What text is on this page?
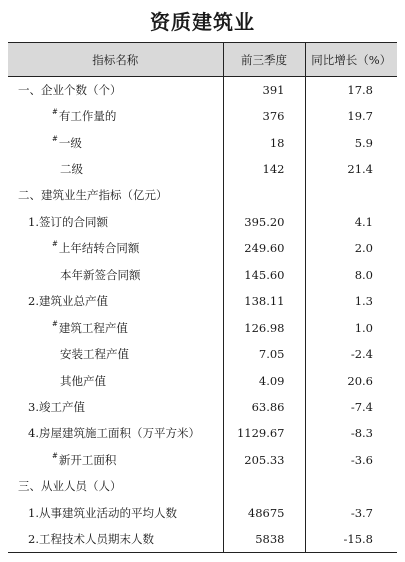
资质建筑业
指标名称	前三季度	同比增长（%）
一、企业个数（个）	391	17.8
#有工作量的	376	19.7
#一级	18	5.9
二级	142	21.4
二、建筑业生产指标（亿元）		
1.签订的合同额	395.20	4.1
#上年结转合同额	249.60	2.0
本年新签合同额	145.60	8.0
2.建筑业总产值	138.11	1.3
#建筑工程产值	126.98	1.0
安装工程产值	7.05	-2.4
其他产值	4.09	20.6
3.竣工产值	63.86	-7.4
4.房屋建筑施工面积（万平方米）	1129.67	-8.3
#新开工面积	205.33	-3.6
三、从业人员（人）		
1.从事建筑业活动的平均人数	48675	-3.7
2.工程技术人员期末人数	5838	-15.8
